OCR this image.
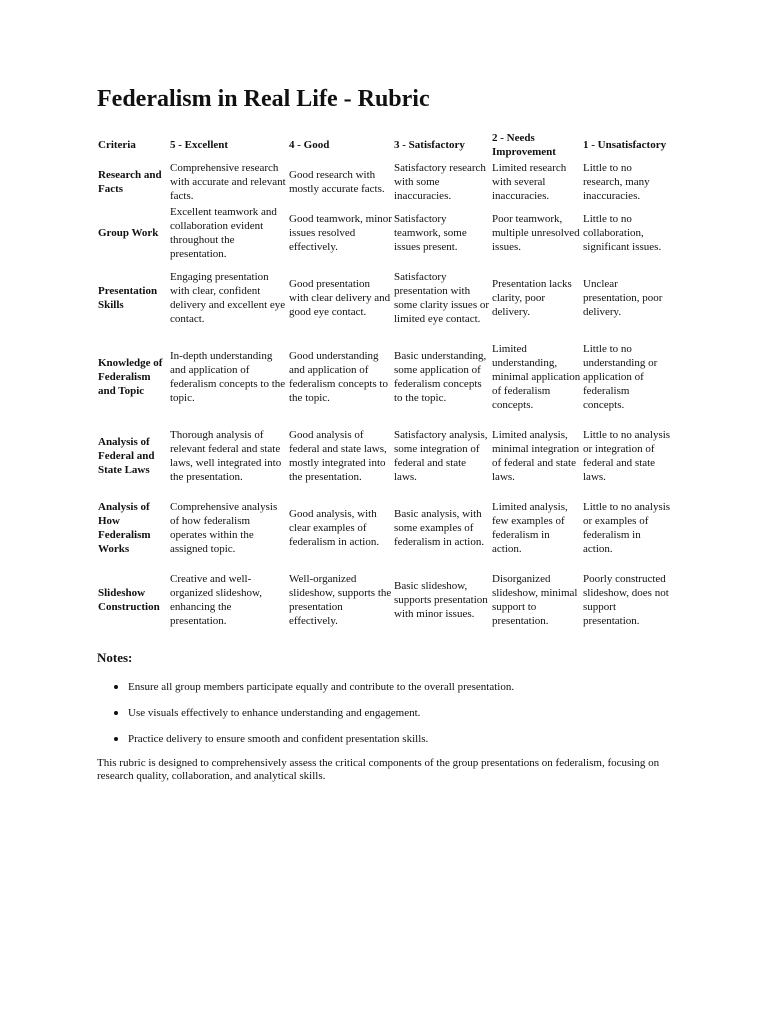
Federalism in Real Life - Rubric
Criteria	5 - Excellent	4 - Good	3 - Satisfactory	2 - Needs Improvement	1 - Unsatisfactory
Research and Facts	Comprehensive research with accurate and relevant facts.	Good research with mostly accurate facts.	Satisfactory research with some inaccuracies.	Limited research with several inaccuracies.	Little to no research, many inaccuracies.
Group Work	Excellent teamwork and collaboration evident throughout the presentation.	Good teamwork, minor issues resolved effectively.	Satisfactory teamwork, some issues present.	Poor teamwork, multiple unresolved issues.	Little to no collaboration, significant issues.
Presentation Skills	Engaging presentation with clear, confident delivery and excellent eye contact.	Good presentation with clear delivery and good eye contact.	Satisfactory presentation with some clarity issues or limited eye contact.	Presentation lacks clarity, poor delivery.	Unclear presentation, poor delivery.
Knowledge of Federalism and Topic	In-depth understanding and application of federalism concepts to the topic.	Good understanding and application of federalism concepts to the topic.	Basic understanding, some application of federalism concepts to the topic.	Limited understanding, minimal application of federalism concepts.	Little to no understanding or application of federalism concepts.
Analysis of Federal and State Laws	Thorough analysis of relevant federal and state laws, well integrated into the presentation.	Good analysis of federal and state laws, mostly integrated into the presentation.	Satisfactory analysis, some integration of federal and state laws.	Limited analysis, minimal integration of federal and state laws.	Little to no analysis or integration of federal and state laws.
Analysis of How Federalism Works	Comprehensive analysis of how federalism operates within the assigned topic.	Good analysis, with clear examples of federalism in action.	Basic analysis, with some examples of federalism in action.	Limited analysis, few examples of federalism in action.	Little to no analysis or examples of federalism in action.
Slideshow Construction	Creative and well-organized slideshow, enhancing the presentation.	Well-organized slideshow, supports the presentation effectively.	Basic slideshow, supports presentation with minor issues.	Disorganized slideshow, minimal support to presentation.	Poorly constructed slideshow, does not support presentation.
Notes:
Ensure all group members participate equally and contribute to the overall presentation.
Use visuals effectively to enhance understanding and engagement.
Practice delivery to ensure smooth and confident presentation skills.

This rubric is designed to comprehensively assess the critical components of the group presentations on federalism, focusing on research quality, collaboration, and analytical skills.
